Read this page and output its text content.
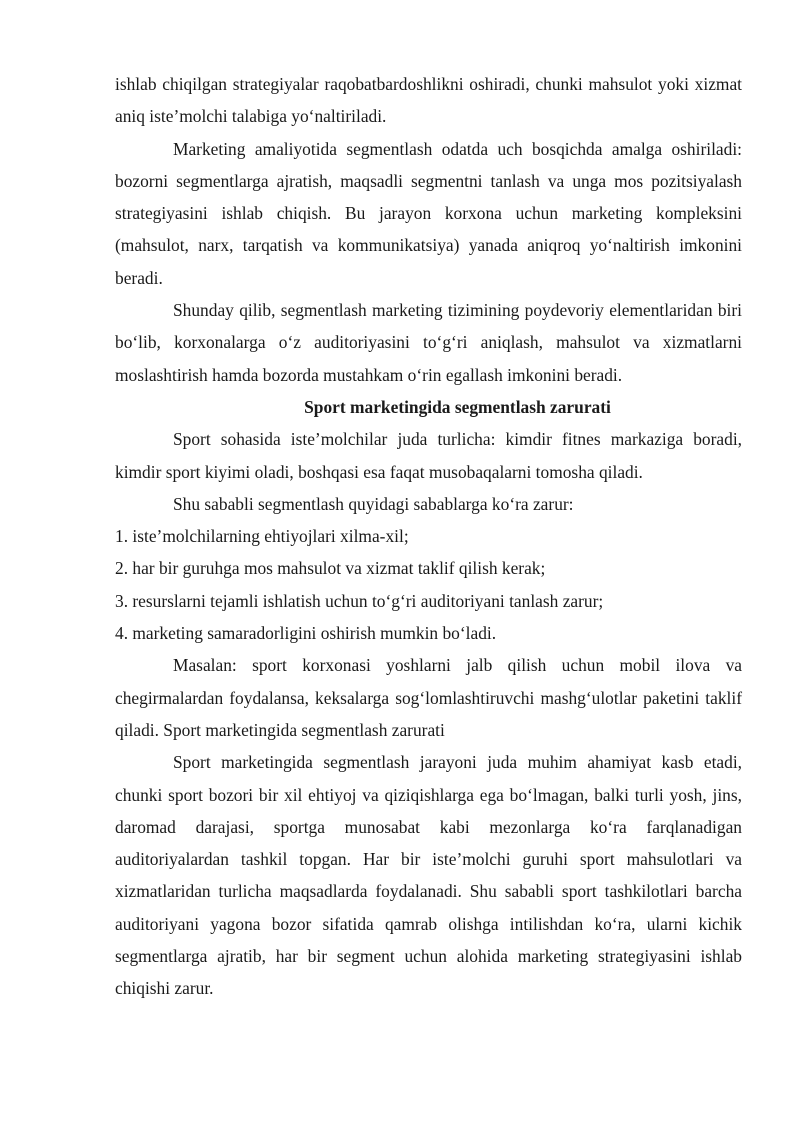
ishlab chiqilgan strategiyalar raqobatbardoshlikni oshiradi, chunki mahsulot yoki xizmat aniq iste’molchi talabiga yo‘naltiriladi.

Marketing amaliyotida segmentlash odatda uch bosqichda amalga oshiriladi: bozorni segmentlarga ajratish, maqsadli segmentni tanlash va unga mos pozitsiyalash strategiyasini ishlab chiqish. Bu jarayon korxona uchun marketing kompleksini (mahsulot, narx, tarqatish va kommunikatsiya) yanada aniqroq yo‘naltirish imkonini beradi.

Shunday qilib, segmentlash marketing tizimining poydevoriy elementlaridan biri bo‘lib, korxonalarga o‘z auditoriyasini to‘g‘ri aniqlash, mahsulot va xizmatlarni moslashtirish hamda bozorda mustahkam o‘rin egallash imkonini beradi.

Sport marketingida segmentlash zarurati

Sport sohasida iste’molchilar juda turlicha: kimdir fitnes markaziga boradi, kimdir sport kiyimi oladi, boshqasi esa faqat musobaqalarni tomosha qiladi.

Shu sababli segmentlash quyidagi sabablarga ko‘ra zarur:

1. iste’molchilarning ehtiyojlari xilma-xil;

2. har bir guruhga mos mahsulot va xizmat taklif qilish kerak;

3. resurslarni tejamli ishlatish uchun to‘g‘ri auditoriyani tanlash zarur;

4. marketing samaradorligini oshirish mumkin bo‘ladi.

Masalan: sport korxonasi yoshlarni jalb qilish uchun mobil ilova va chegirmalardan foydalansa, keksalarga sog‘lomlashtiruvchi mashg‘ulotlar paketini taklif qiladi. Sport marketingida segmentlash zarurati

Sport marketingida segmentlash jarayoni juda muhim ahamiyat kasb etadi, chunki sport bozori bir xil ehtiyoj va qiziqishlarga ega bo‘lmagan, balki turli yosh, jins, daromad darajasi, sportga munosabat kabi mezonlarga ko‘ra farqlanadigan auditoriyalardan tashkil topgan. Har bir iste’molchi guruhi sport mahsulotlari va xizmatlaridan turlicha maqsadlarda foydalanadi. Shu sababli sport tashkilotlari barcha auditoriyani yagona bozor sifatida qamrab olishga intilishdan ko‘ra, ularni kichik segmentlarga ajratib, har bir segment uchun alohida marketing strategiyasini ishlab chiqishi zarur.
